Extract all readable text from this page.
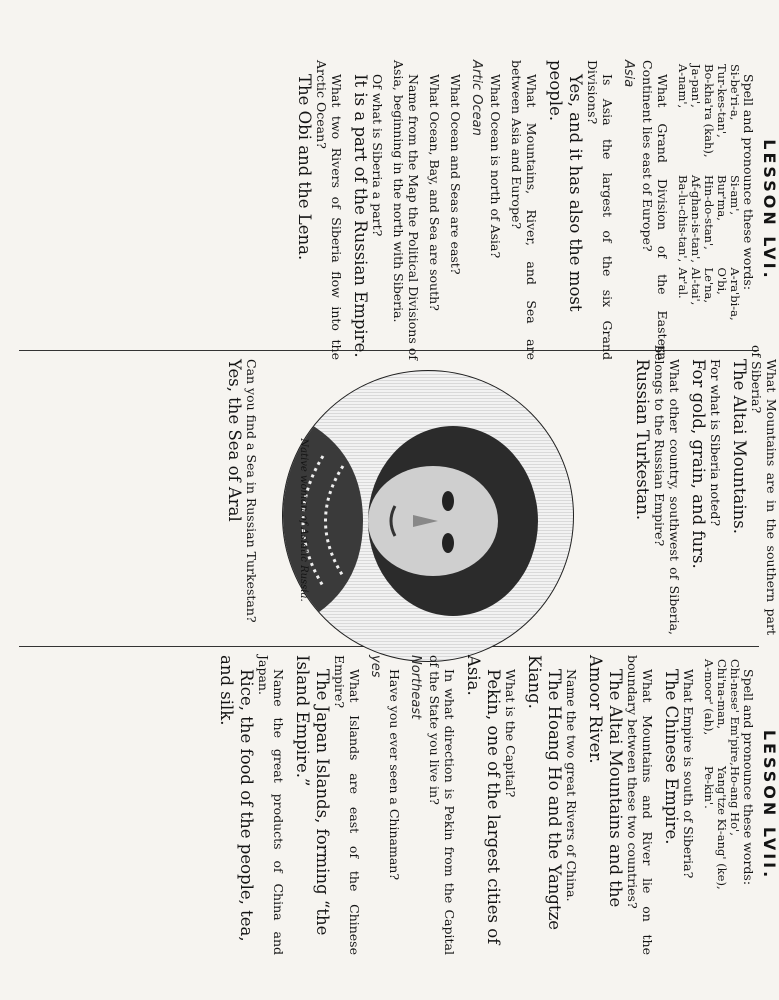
LESSON LVI.

Spell and pronounce these words:

Si-be'ri-a,
Si-am',
A-ra'bi-a,
Tur-kes-tan',
Bur'ma,
O'bi,
Bo-kha'ra (kah),
Hin-do-stan',
Le'na,
Ja-pan',
Af-ghan-is-tan',
Al-tai',
A-nam',
Ba-lu-chis-tan',
Ar'al.

What Grand Division of the Eastern Continent lies east of Europe?

Asia

Is Asia the largest of the six Grand Divisions?

Yes, and it has also the most people.

What Mountains, River, and Sea are between Asia and Europe?

What Ocean is north of Asia?

Artic Ocean

What Ocean and Seas are east?

What Ocean, Bay, and Sea are south?

Name from the Map the Political Divisions of Asia, beginning in the north with Siberia.

Of what is Siberia a part?

It is a part of the Russian Empire.

What two Rivers of Siberia flow into the Arctic Ocean?

The Obi and the Lena.

What Mountains are in the southern part of Siberia?

The Altai Mountains.

For what is Siberia noted?

For gold, grain, and furs.

What other country, southwest of Siberia, belongs to the Russian Empire?

Russian Turkestan.

Can you find a Sea in Russian Turkestan?

Yes, the Sea of Aral	Native woman of Asiatic Russia.

LESSON LVII.

Spell and pronounce these words:

Chi-nese' Em'pire,
Ho-ang Ho',
Chi'na-man,
Yang'tze Ki-ang' (ke),
A-moor' (ah),
Pe-kin'.

What Empire is south of Siberia?

The Chinese Empire.

What Mountains and River lie on the boundary between these two countries?

The Altai Mountains and the Amoor River.

Name the two great Rivers of China.

The Hoang Ho and the Yangtze Kiang.

What is the Capital?

Pekin, one of the largest cities of Asia.

In what direction is Pekin from the Capital of the State you live in?

Northeast

Have you ever seen a Chinaman?

yes

What Islands are east of the Chinese Empire?

The Japan Islands, forming “the Island Empire.”

Name the great products of China and Japan.

Rice, the food of the people, tea, and silk.
